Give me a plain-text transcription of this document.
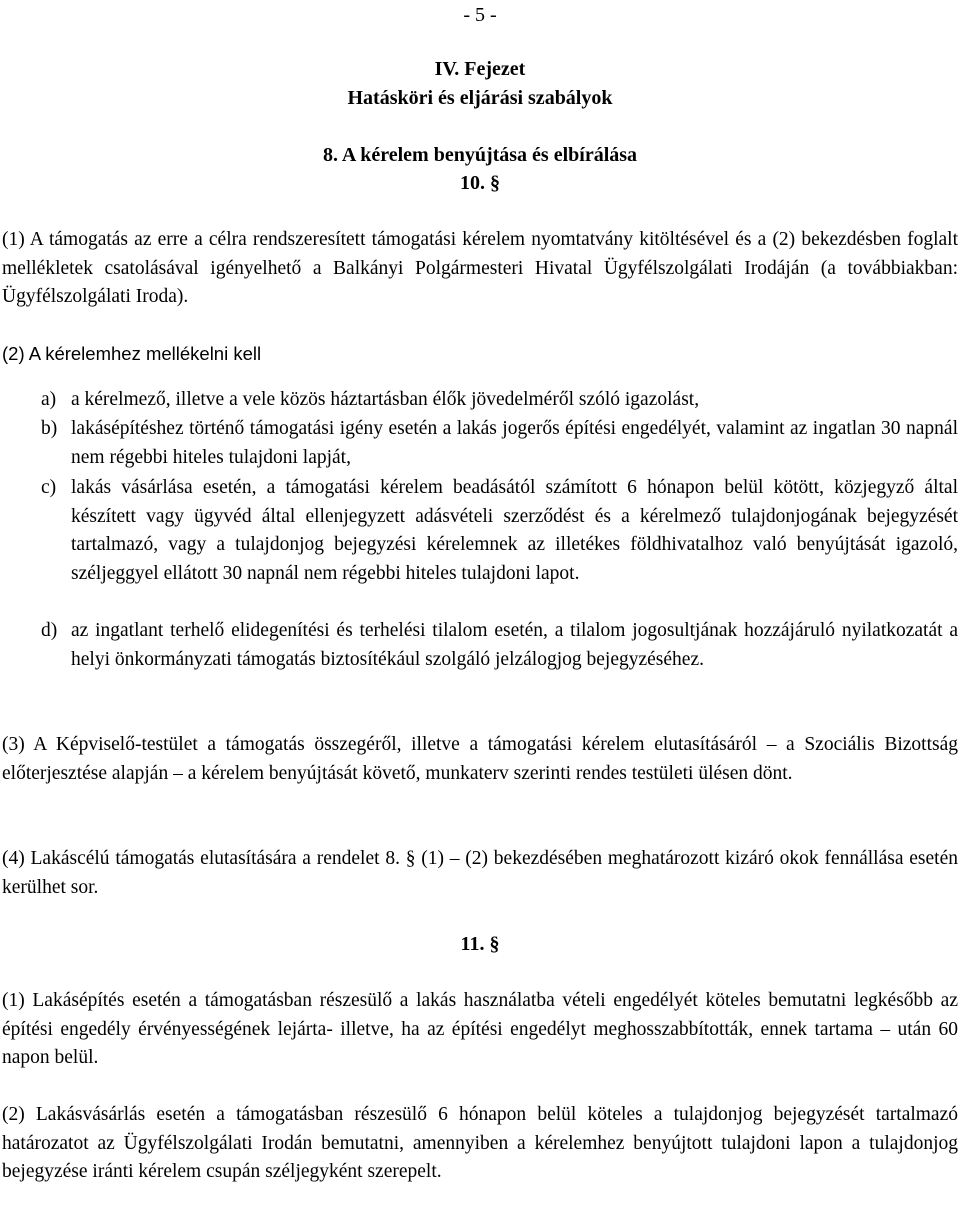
- 5 -
IV. Fejezet
Hatásköri és eljárási szabályok
8. A kérelem benyújtása és elbírálása
10. §
(1) A támogatás az erre a célra rendszeresített támogatási kérelem nyomtatvány kitöltésével és a (2) bekezdésben foglalt mellékletek csatolásával igényelhető a Balkányi Polgármesteri Hivatal Ügyfélszolgálati Irodáján (a továbbiakban: Ügyfélszolgálati Iroda).
(2) A kérelemhez mellékelni kell
a) a kérelmező, illetve a vele közös háztartásban élők jövedelméről szóló igazolást,
b) lakásépítéshez történő támogatási igény esetén a lakás jogerős építési engedélyét, valamint az ingatlan 30 napnál nem régebbi hiteles tulajdoni lapját,
c) lakás vásárlása esetén, a támogatási kérelem beadásától számított 6 hónapon belül kötött, közjegyző által készített vagy ügyvéd által ellenjegyzett adásvételi szerződést és a kérelmező tulajdonjogának bejegyzését tartalmazó, vagy a tulajdonjog bejegyzési kérelemnek az illetékes földhivatalhoz való benyújtását igazoló, széljeggyel ellátott 30 napnál nem régebbi hiteles tulajdoni lapot.
d) az ingatlant terhelő elidegenítési és terhelési tilalom esetén, a tilalom jogosultjának hozzájáruló nyilatkozatát a helyi önkormányzati támogatás biztosítékául szolgáló jelzálogjog bejegyzéséhez.
(3) A Képviselő-testület a támogatás összegéről, illetve a támogatási kérelem elutasításáról – a Szociális Bizottság előterjesztése alapján – a kérelem benyújtását követő, munkaterv szerinti rendes testületi ülésen dönt.
(4) Lakáscélú támogatás elutasítására a rendelet 8. § (1) – (2) bekezdésében meghatározott kizáró okok fennállása esetén kerülhet sor.
11. §
(1) Lakásépítés esetén a támogatásban részesülő a lakás használatba vételi engedélyét köteles bemutatni legkésőbb az építési engedély érvényességének lejárta- illetve, ha az építési engedélyt meghosszabbították, ennek tartama – után 60 napon belül.
(2) Lakásvásárlás esetén a támogatásban részesülő 6 hónapon belül köteles a tulajdonjog bejegyzését tartalmazó határozatot az Ügyfélszolgálati Irodán bemutatni, amennyiben a kérelemhez benyújtott tulajdoni lapon a tulajdonjog bejegyzése iránti kérelem csupán széljegyként szerepelt.
